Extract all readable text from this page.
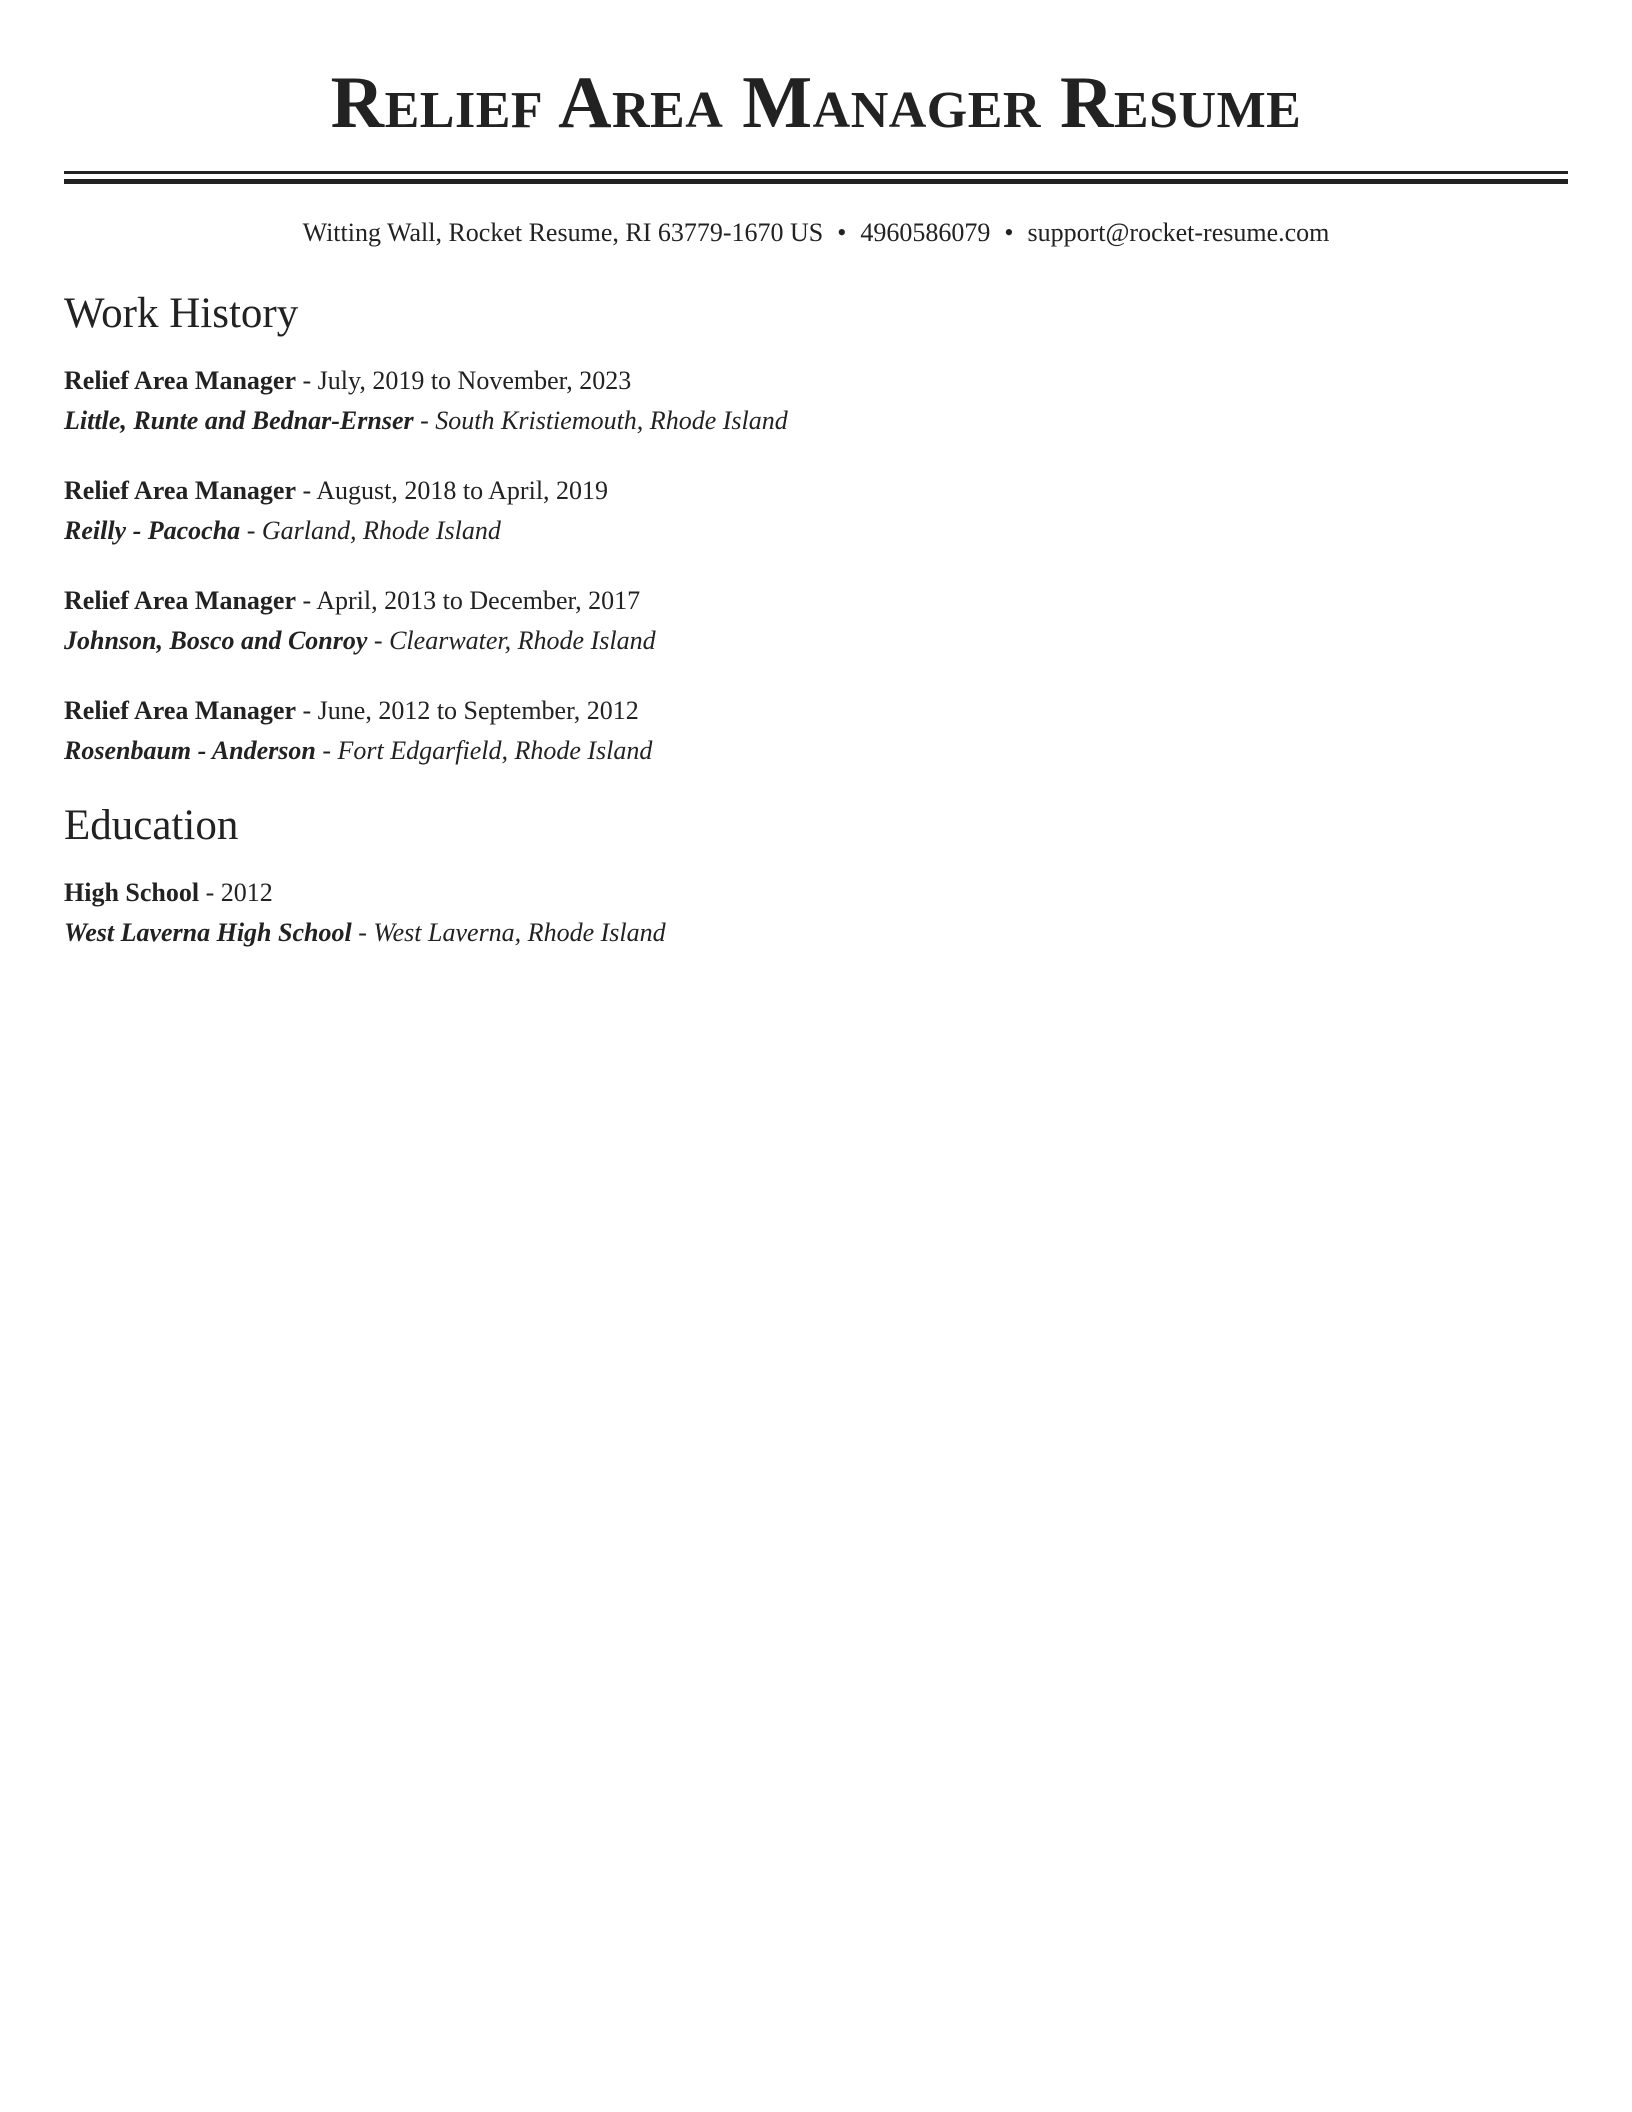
Relief Area Manager Resume
Witting Wall, Rocket Resume, RI 63779-1670 US • 4960586079 • support@rocket-resume.com
Work History
Relief Area Manager - July, 2019 to November, 2023
Little, Runte and Bednar-Ernser - South Kristiemouth, Rhode Island
Relief Area Manager - August, 2018 to April, 2019
Reilly - Pacocha - Garland, Rhode Island
Relief Area Manager - April, 2013 to December, 2017
Johnson, Bosco and Conroy - Clearwater, Rhode Island
Relief Area Manager - June, 2012 to September, 2012
Rosenbaum - Anderson - Fort Edgarfield, Rhode Island
Education
High School - 2012
West Laverna High School - West Laverna, Rhode Island
